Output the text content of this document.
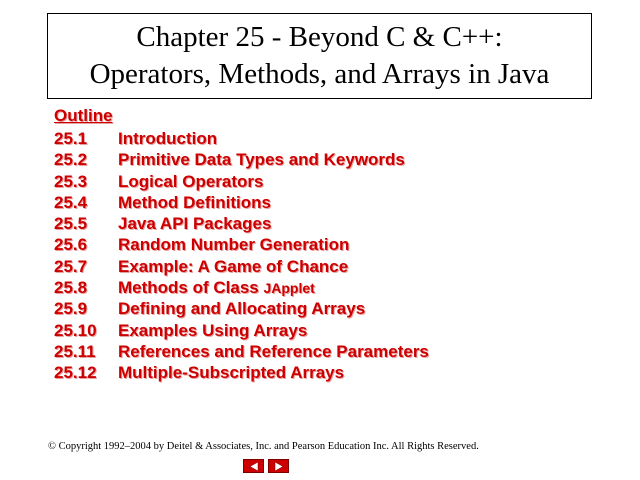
Chapter 25 - Beyond C & C++:
Operators, Methods, and Arrays in Java
Outline
25.1 Introduction
25.2 Primitive Data Types and Keywords
25.3 Logical Operators
25.4 Method Definitions
25.5 Java API Packages
25.6 Random Number Generation
25.7 Example: A Game of Chance
25.8 Methods of Class JApplet
25.9 Defining and Allocating Arrays
25.10 Examples Using Arrays
25.11 References and Reference Parameters
25.12 Multiple-Subscripted Arrays
© Copyright 1992–2004 by Deitel & Associates, Inc. and Pearson Education Inc. All Rights Reserved.
